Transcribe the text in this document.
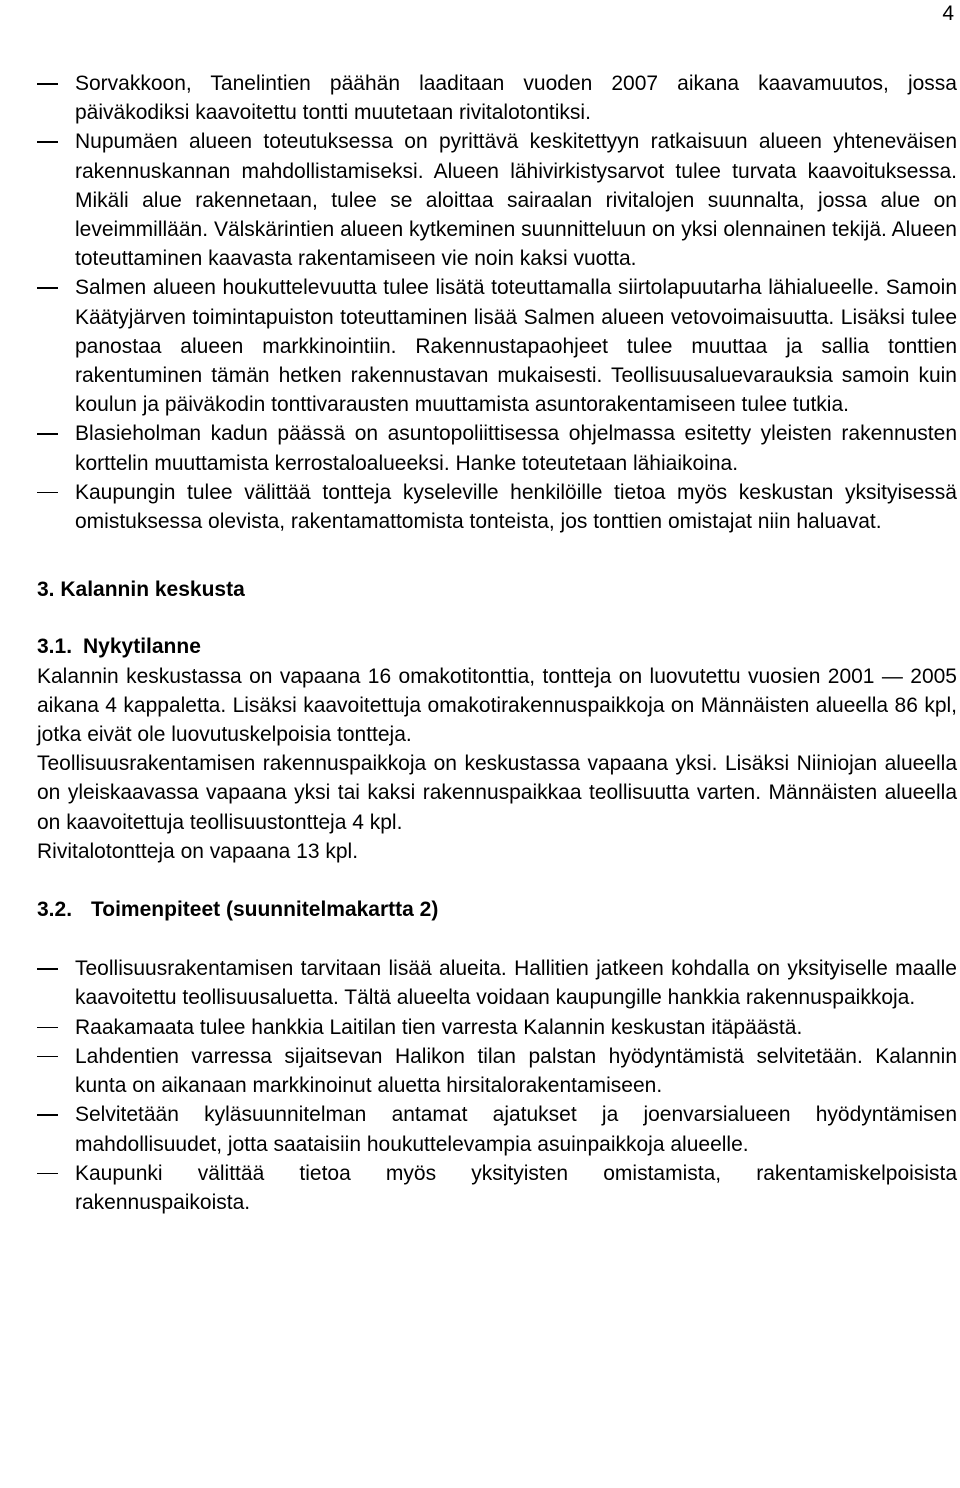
4
Sorvakkoon, Tanelintien päähän laaditaan vuoden 2007 aikana kaavamuutos, jossa päiväkodiksi kaavoitettu tontti muutetaan rivitalotontiksi.
Nupumäen alueen toteutuksessa on pyrittävä keskitettyyn ratkaisuun alueen yhteneväisen rakennuskannan mahdollistamiseksi. Alueen lähivirkistysarvot tulee turvata kaavoituksessa. Mikäli alue rakennetaan, tulee se aloittaa sairaalan rivitalojen suunnalta, jossa alue on leveimmillään. Välskärintien alueen kytkeminen suunnitteluun on yksi olennainen tekijä. Alueen toteuttaminen kaavasta rakentamiseen vie noin kaksi vuotta.
Salmen alueen houkuttelevuutta tulee lisätä toteuttamalla siirtolapuutarha lähialueelle. Samoin Käätyjärven toimintapuiston toteuttaminen lisää Salmen alueen vetovoimaisuutta. Lisäksi tulee panostaa alueen markkinointiin. Rakennustapaohjeet tulee muuttaa ja sallia tonttien rakentuminen tämän hetken rakennustavan mukaisesti. Teollisuusaluevarauksia samoin kuin koulun ja päiväkodin tonttivarausten muuttamista asuntorakentamiseen tulee tutkia.
Blasieholman kadun päässä on asuntopoliittisessa ohjelmassa esitetty yleisten rakennusten korttelin muuttamista kerrostaloalueeksi. Hanke toteutetaan lähiaikoina.
Kaupungin tulee välittää tontteja kyseleville henkilöille tietoa myös keskustan yksityisessä omistuksessa olevista, rakentamattomista tonteista, jos tonttien omistajat niin haluavat.
3. Kalannin keskusta
3.1. Nykytilanne

Kalannin keskustassa on vapaana 16 omakotitonttia, tontteja on luovutettu vuosien 2001 — 2005 aikana 4 kappaletta. Lisäksi kaavoitettuja omakotirakennuspaikkoja on Männäisten alueella 86 kpl, jotka eivät ole luovutuskelpoisia tontteja.

Teollisuusrakentamisen rakennuspaikkoja on keskustassa vapaana yksi. Lisäksi Niiniojan alueella on yleiskaavassa vapaana yksi tai kaksi rakennuspaikkaa teollisuutta varten. Männäisten alueella on kaavoitettuja teollisuustontteja 4 kpl.

Rivitalotontteja on vapaana 13 kpl.

3.2. Toimenpiteet (suunnitelmakartta 2)
Teollisuusrakentamisen tarvitaan lisää alueita. Hallitien jatkeen kohdalla on yksityiselle maalle kaavoitettu teollisuusaluetta. Tältä alueelta voidaan kaupungille hankkia rakennuspaikkoja.
Raakamaata tulee hankkia Laitilan tien varresta Kalannin keskustan itäpäästä.
Lahdentien varressa sijaitsevan Halikon tilan palstan hyödyntämistä selvitetään. Kalannin kunta on aikanaan markkinoinut aluetta hirsitalorakentamiseen.
Selvitetään kyläsuunnitelman antamat ajatukset ja joenvarsialueen hyödyntämisen mahdollisuudet, jotta saataisiin houkuttelevampia asuinpaikkoja alueelle.
Kaupunki välittää tietoa myös yksityisten omistamista, rakentamiskelpoisista rakennuspaikoista.
